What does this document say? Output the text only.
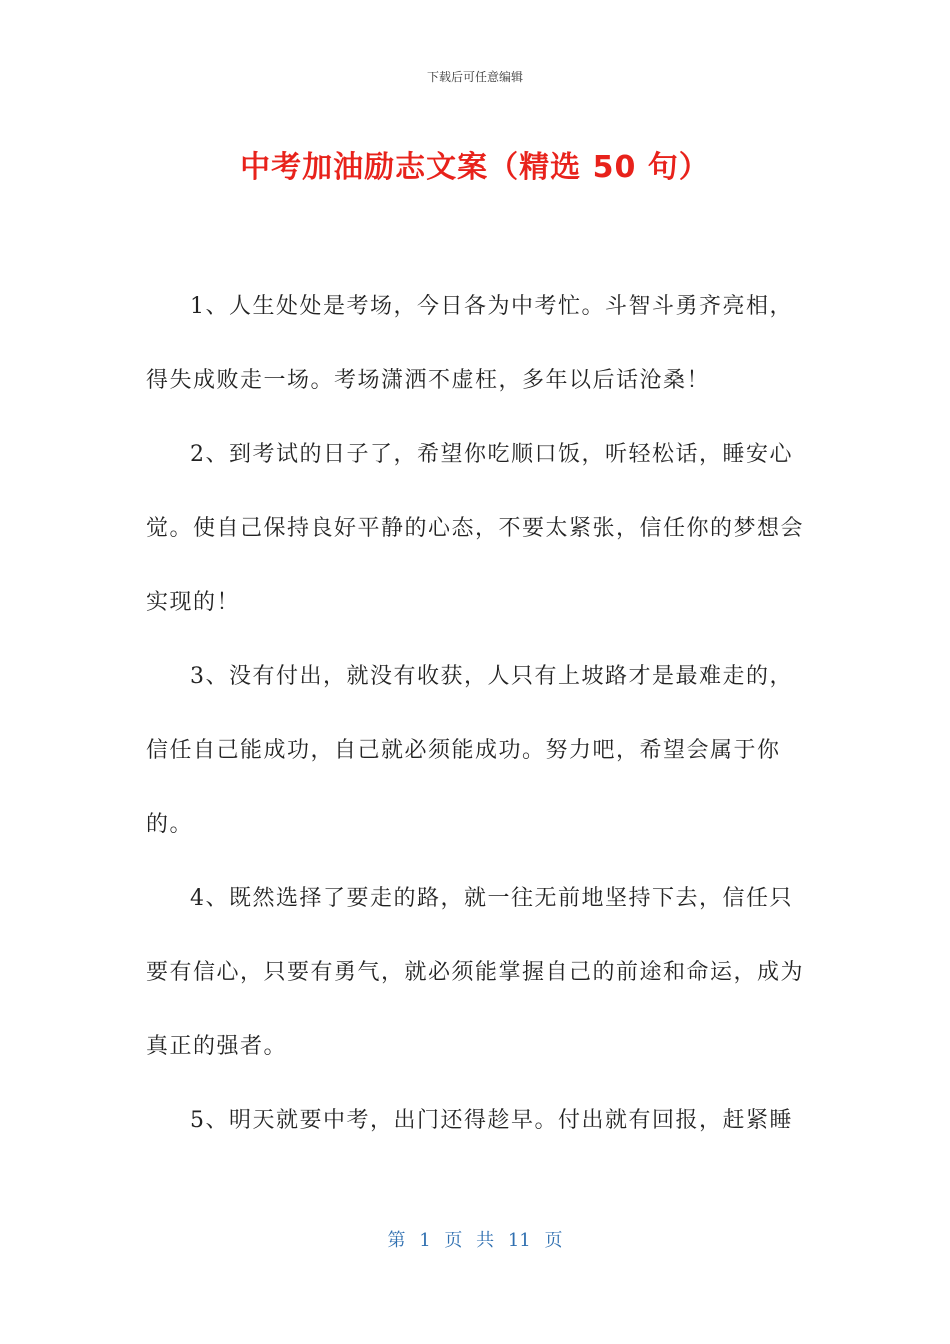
下载后可任意编辑
中考加油励志文案（精选 50 句）

1、人生处处是考场，今日各为中考忙。斗智斗勇齐亮相，得失成败走一场。考场潇洒不虚枉，多年以后话沧桑！

2、到考试的日子了，希望你吃顺口饭，听轻松话，睡安心觉。使自己保持良好平静的心态，不要太紧张，信任你的梦想会实现的！

3、没有付出，就没有收获，人只有上坡路才是最难走的，信任自己能成功，自己就必须能成功。努力吧，希望会属于你的。

4、既然选择了要走的路，就一往无前地坚持下去，信任只要有信心，只要有勇气，就必须能掌握自己的前途和命运，成为真正的强者。

5、明天就要中考，出门还得趁早。付出就有回报，赶紧睡

第 1 页 共 11 页
